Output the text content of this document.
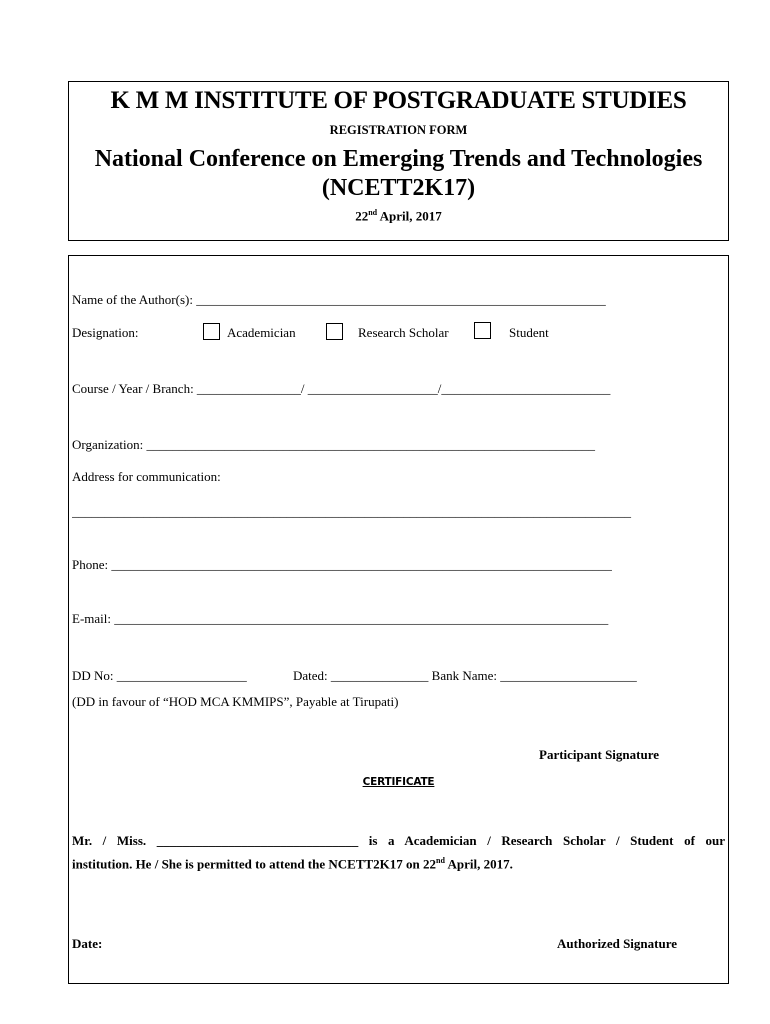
K M M INSTITUTE OF POSTGRADUATE STUDIES
REGISTRATION FORM
National Conference on Emerging Trends and Technologies (NCETT2K17)
22nd April, 2017
Name of the Author(s): _______________________________________________________________
Designation:	Academician	Research Scholar	Student
Course / Year / Branch: ________________/ ____________________/__________________________
Organization: _____________________________________________________________________
Address for communication:
______________________________________________________________________________________
Phone: _____________________________________________________________________________
E-mail: ____________________________________________________________________________
DD No: ____________________	Dated: _______________ Bank Name: _____________________
(DD in favour of “HOD MCA KMMIPS”, Payable at Tirupati)
Participant Signature
CERTIFICATE
Mr. / Miss. _______________________________ is a Academician / Research Scholar / Student of our
institution. He / She is permitted to attend the NCETT2K17 on 22nd April, 2017.
Date:	Authorized Signature
